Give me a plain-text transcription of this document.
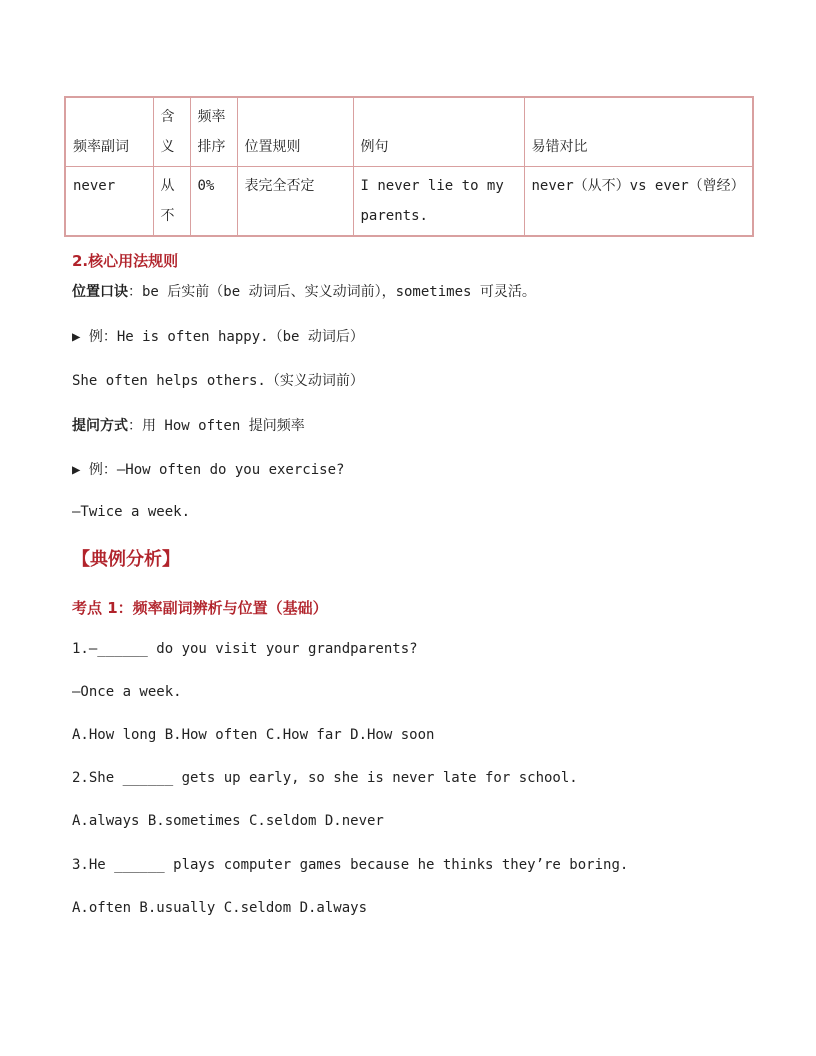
频率副词	含义	频率排序	位置规则	例句	易错对比
never	从不	0%	表完全否定	I never lie to my parents.	never（从不）vs ever（曾经）
2.核心用法规则
位置口诀：be 后实前（be 动词后、实义动词前），sometimes 可灵活。
▶ 例：He is often happy.（be 动词后）
She often helps others.（实义动词前）
提问方式：用 How often 提问频率
▶ 例：—How often do you exercise?
—Twice a week.
【典例分析】
考点 1：频率副词辨析与位置（基础）
1.—______ do you visit your grandparents?
—Once a week.
A.How long B.How often C.How far D.How soon
2.She ______ gets up early, so she is never late for school.
A.always B.sometimes C.seldom D.never
3.He ______ plays computer games because he thinks they’re boring.
A.often B.usually C.seldom D.always
